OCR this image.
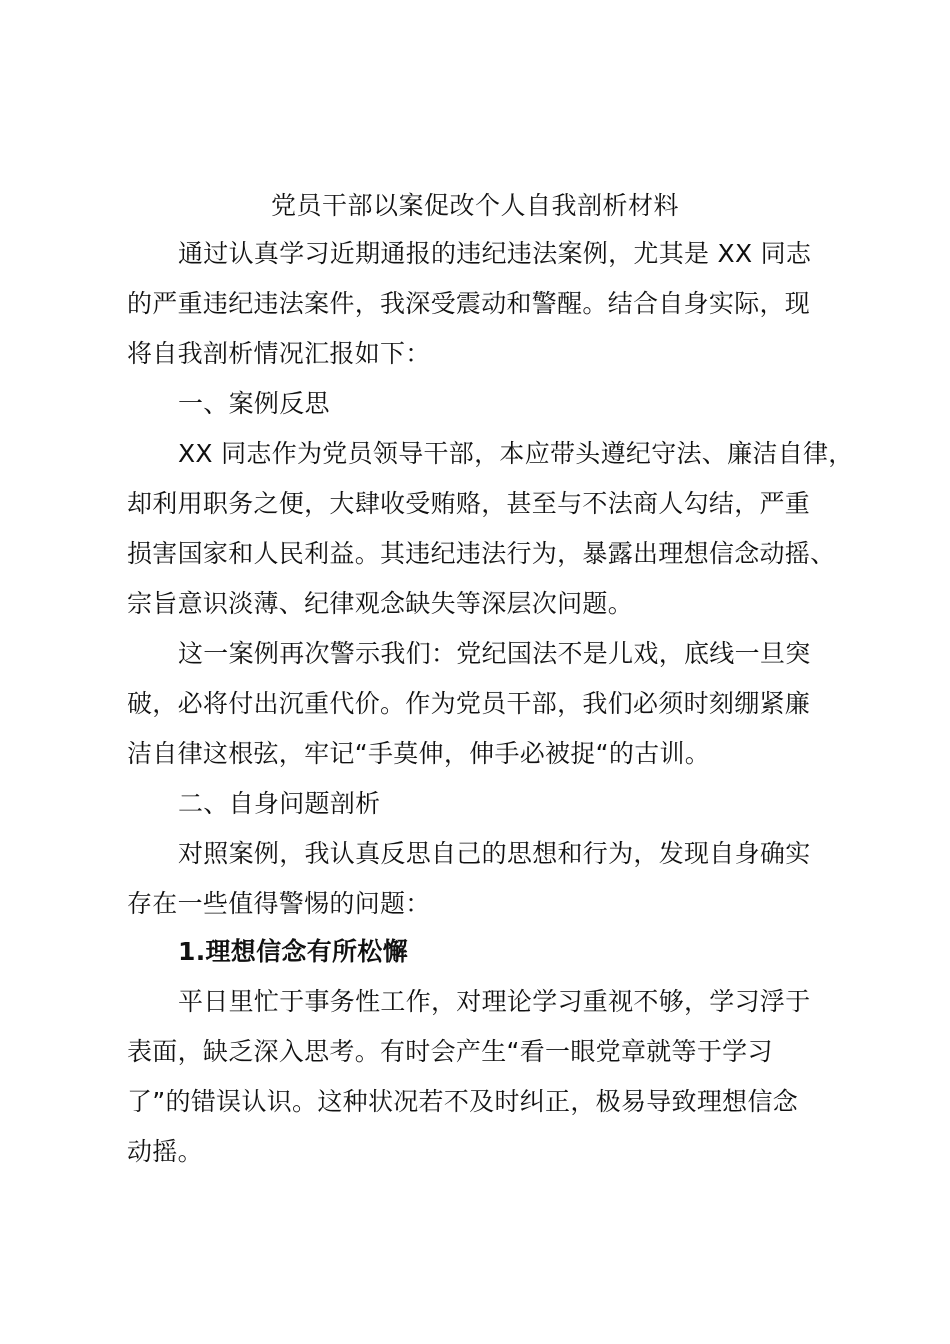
党员干部以案促改个人自我剖析材料
通过认真学习近期通报的违纪违法案例，尤其是 XX 同志
的严重违纪违法案件，我深受震动和警醒。结合自身实际，现
将自我剖析情况汇报如下：
一、案例反思
XX 同志作为党员领导干部，本应带头遵纪守法、廉洁自律，
却利用职务之便，大肆收受贿赂，甚至与不法商人勾结，严重
损害国家和人民利益。其违纪违法行为，暴露出理想信念动摇、
宗旨意识淡薄、纪律观念缺失等深层次问题。
这一案例再次警示我们：党纪国法不是儿戏，底线一旦突
破，必将付出沉重代价。作为党员干部，我们必须时刻绷紧廉
洁自律这根弦，牢记“手莫伸，伸手必被捉“的古训。
二、自身问题剖析
对照案例，我认真反思自己的思想和行为，发现自身确实
存在一些值得警惕的问题：
1.理想信念有所松懈
平日里忙于事务性工作，对理论学习重视不够，学习浮于
表面，缺乏深入思考。有时会产生“看一眼党章就等于学习
了”的错误认识。这种状况若不及时纠正，极易导致理想信念
动摇。
